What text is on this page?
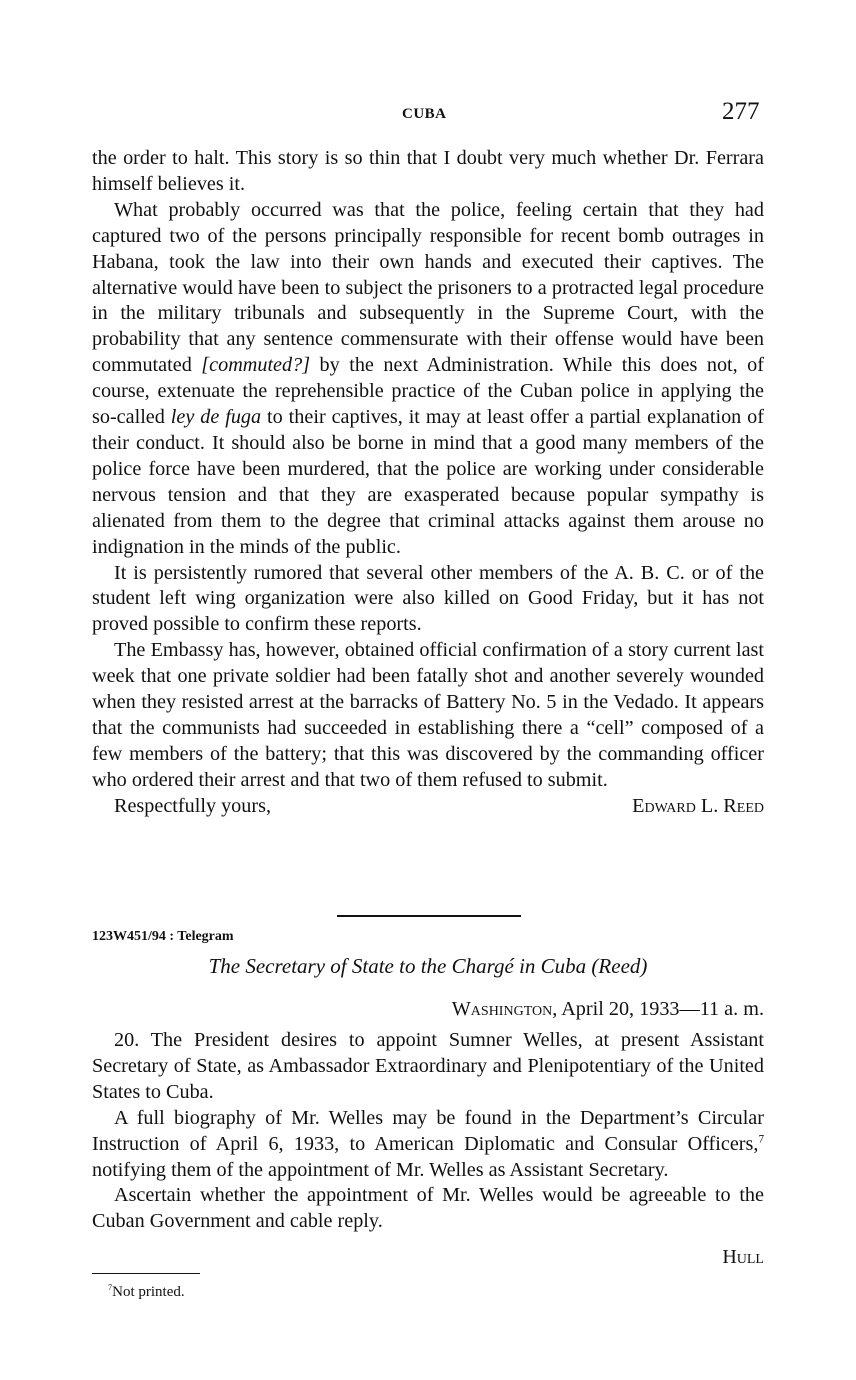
CUBA	277

the order to halt. This story is so thin that I doubt very much whether Dr. Ferrara himself believes it.

What probably occurred was that the police, feeling certain that they had captured two of the persons principally responsible for recent bomb outrages in Habana, took the law into their own hands and executed their captives. The alternative would have been to subject the prisoners to a protracted legal procedure in the military tribunals and subsequently in the Supreme Court, with the probability that any sentence commensurate with their offense would have been commutated [commuted?] by the next Administration. While this does not, of course, extenuate the reprehensible practice of the Cuban police in applying the so-called ley de fuga to their captives, it may at least offer a partial explanation of their conduct. It should also be borne in mind that a good many members of the police force have been murdered, that the police are working under considerable nervous tension and that they are exasperated because popular sympathy is alienated from them to the degree that criminal attacks against them arouse no indignation in the minds of the public.

It is persistently rumored that several other members of the A. B. C. or of the student left wing organization were also killed on Good Friday, but it has not proved possible to confirm these reports.

The Embassy has, however, obtained official confirmation of a story current last week that one private soldier had been fatally shot and another severely wounded when they resisted arrest at the barracks of Battery No. 5 in the Vedado. It appears that the communists had succeeded in establishing there a “cell” composed of a few members of the battery; that this was discovered by the commanding officer who ordered their arrest and that two of them refused to submit.

Respectfully yours,	Edward L. Reed
123W451/94 : Telegram
The Secretary of State to the Chargé in Cuba (Reed)
Washington, April 20, 1933—11 a. m.

20. The President desires to appoint Sumner Welles, at present Assistant Secretary of State, as Ambassador Extraordinary and Plenipotentiary of the United States to Cuba.

A full biography of Mr. Welles may be found in the Department’s Circular Instruction of April 6, 1933, to American Diplomatic and Consular Officers,$^7$ notifying them of the appointment of Mr. Welles as Assistant Secretary.

Ascertain whether the appointment of Mr. Welles would be agreeable to the Cuban Government and cable reply.

Hull
$^7$Not printed.
